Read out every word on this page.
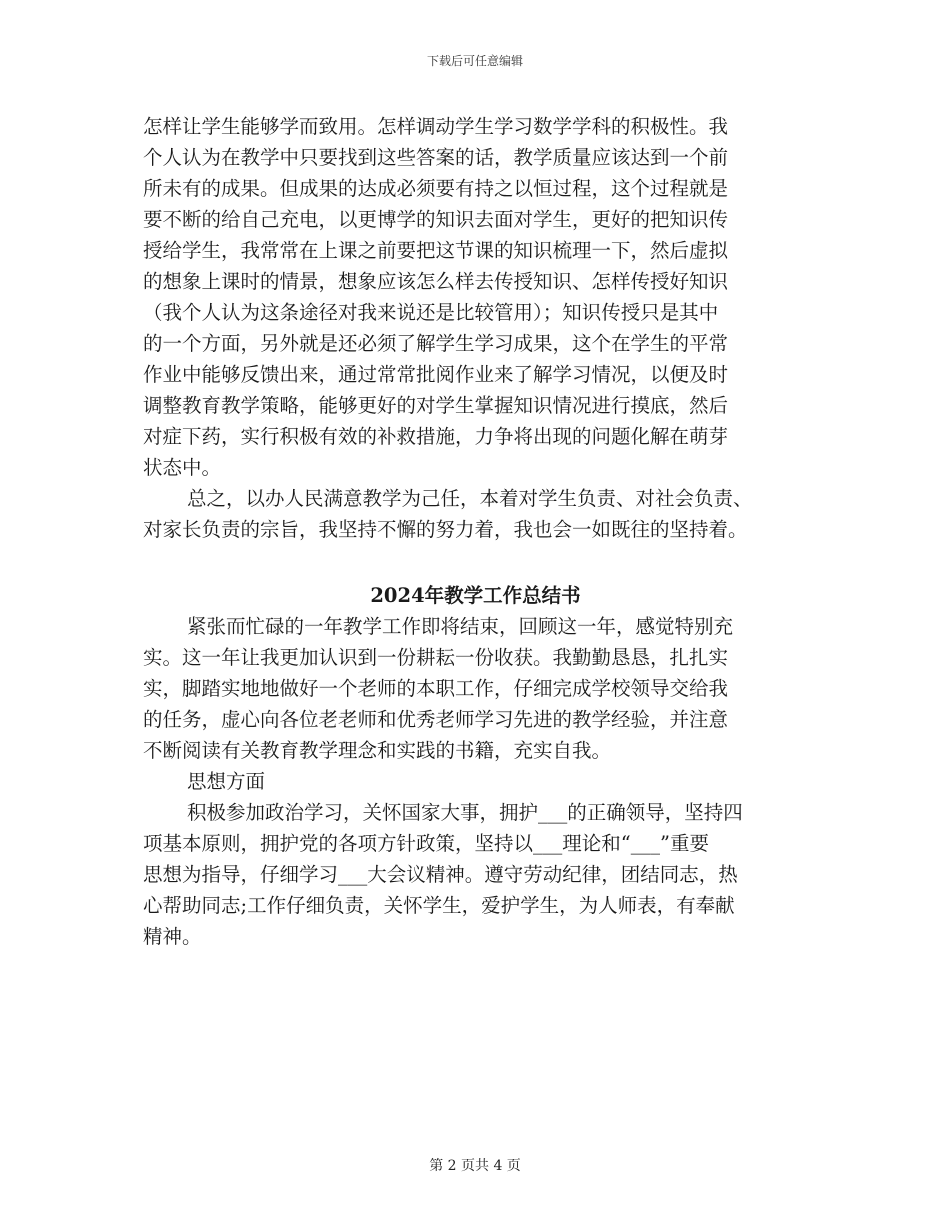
下载后可任意编辑
怎样让学生能够学而致用。怎样调动学生学习数学学科的积极性。我
个人认为在教学中只要找到这些答案的话，教学质量应该达到一个前
所未有的成果。但成果的达成必须要有持之以恒过程，这个过程就是
要不断的给自己充电，以更博学的知识去面对学生，更好的把知识传
授给学生，我常常在上课之前要把这节课的知识梳理一下，然后虚拟
的想象上课时的情景，想象应该怎么样去传授知识、怎样传授好知识
（我个人认为这条途径对我来说还是比较管用）；知识传授只是其中
的一个方面，另外就是还必须了解学生学习成果，这个在学生的平常
作业中能够反馈出来，通过常常批阅作业来了解学习情况，以便及时
调整教育教学策略，能够更好的对学生掌握知识情况进行摸底，然后
对症下药，实行积极有效的补救措施，力争将出现的问题化解在萌芽
状态中。
总之，以办人民满意教学为己任，本着对学生负责、对社会负责、
对家长负责的宗旨，我坚持不懈的努力着，我也会一如既往的坚持着。
2024年教学工作总结书
紧张而忙碌的一年教学工作即将结束，回顾这一年，感觉特别充
实。这一年让我更加认识到一份耕耘一份收获。我勤勤恳恳，扎扎实
实，脚踏实地地做好一个老师的本职工作，仔细完成学校领导交给我
的任务，虚心向各位老老师和优秀老师学习先进的教学经验，并注意
不断阅读有关教育教学理念和实践的书籍，充实自我。
思想方面
积极参加政治学习，关怀国家大事，拥护___的正确领导，坚持四
项基本原则，拥护党的各项方针政策，坚持以___理论和“___”重要
思想为指导，仔细学习___大会议精神。遵守劳动纪律，团结同志，热
心帮助同志;工作仔细负责，关怀学生，爱护学生，为人师表，有奉献
精神。
第 2 页共 4 页
